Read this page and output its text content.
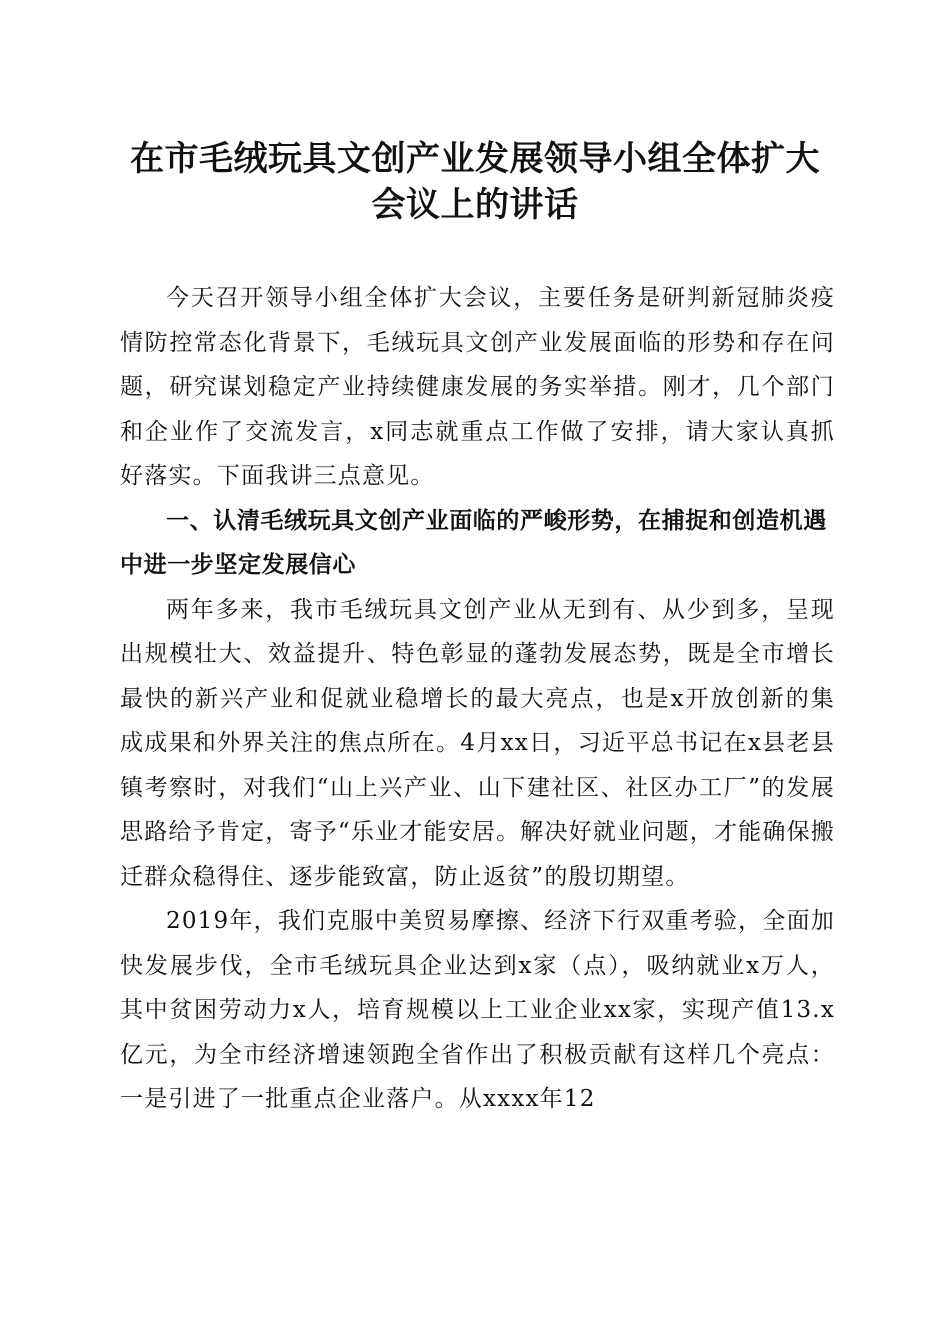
在市毛绒玩具文创产业发展领导小组全体扩大
会议上的讲话

今天召开领导小组全体扩大会议，主要任务是研判新冠肺炎疫情防控常态化背景下，毛绒玩具文创产业发展面临的形势和存在问题，研究谋划稳定产业持续健康发展的务实举措。刚才，几个部门和企业作了交流发言，x同志就重点工作做了安排，请大家认真抓好落实。下面我讲三点意见。

一、认清毛绒玩具文创产业面临的严峻形势，在捕捉和创造机遇中进一步坚定发展信心

两年多来，我市毛绒玩具文创产业从无到有、从少到多，呈现出规模壮大、效益提升、特色彰显的蓬勃发展态势，既是全市增长最快的新兴产业和促就业稳增长的最大亮点，也是x开放创新的集成成果和外界关注的焦点所在。4月xx日，习近平总书记在x县老县镇考察时，对我们“山上兴产业、山下建社区、社区办工厂”的发展思路给予肯定，寄予“乐业才能安居。解决好就业问题，才能确保搬迁群众稳得住、逐步能致富，防止返贫”的殷切期望。

2019年，我们克服中美贸易摩擦、经济下行双重考验，全面加快发展步伐，全市毛绒玩具企业达到x家（点），吸纳就业x万人，其中贫困劳动力x人，培育规模以上工业企业xx家，实现产值13.x亿元，为全市经济增速领跑全省作出了积极贡献有这样几个亮点：一是引进了一批重点企业落户。从xxxx年12
